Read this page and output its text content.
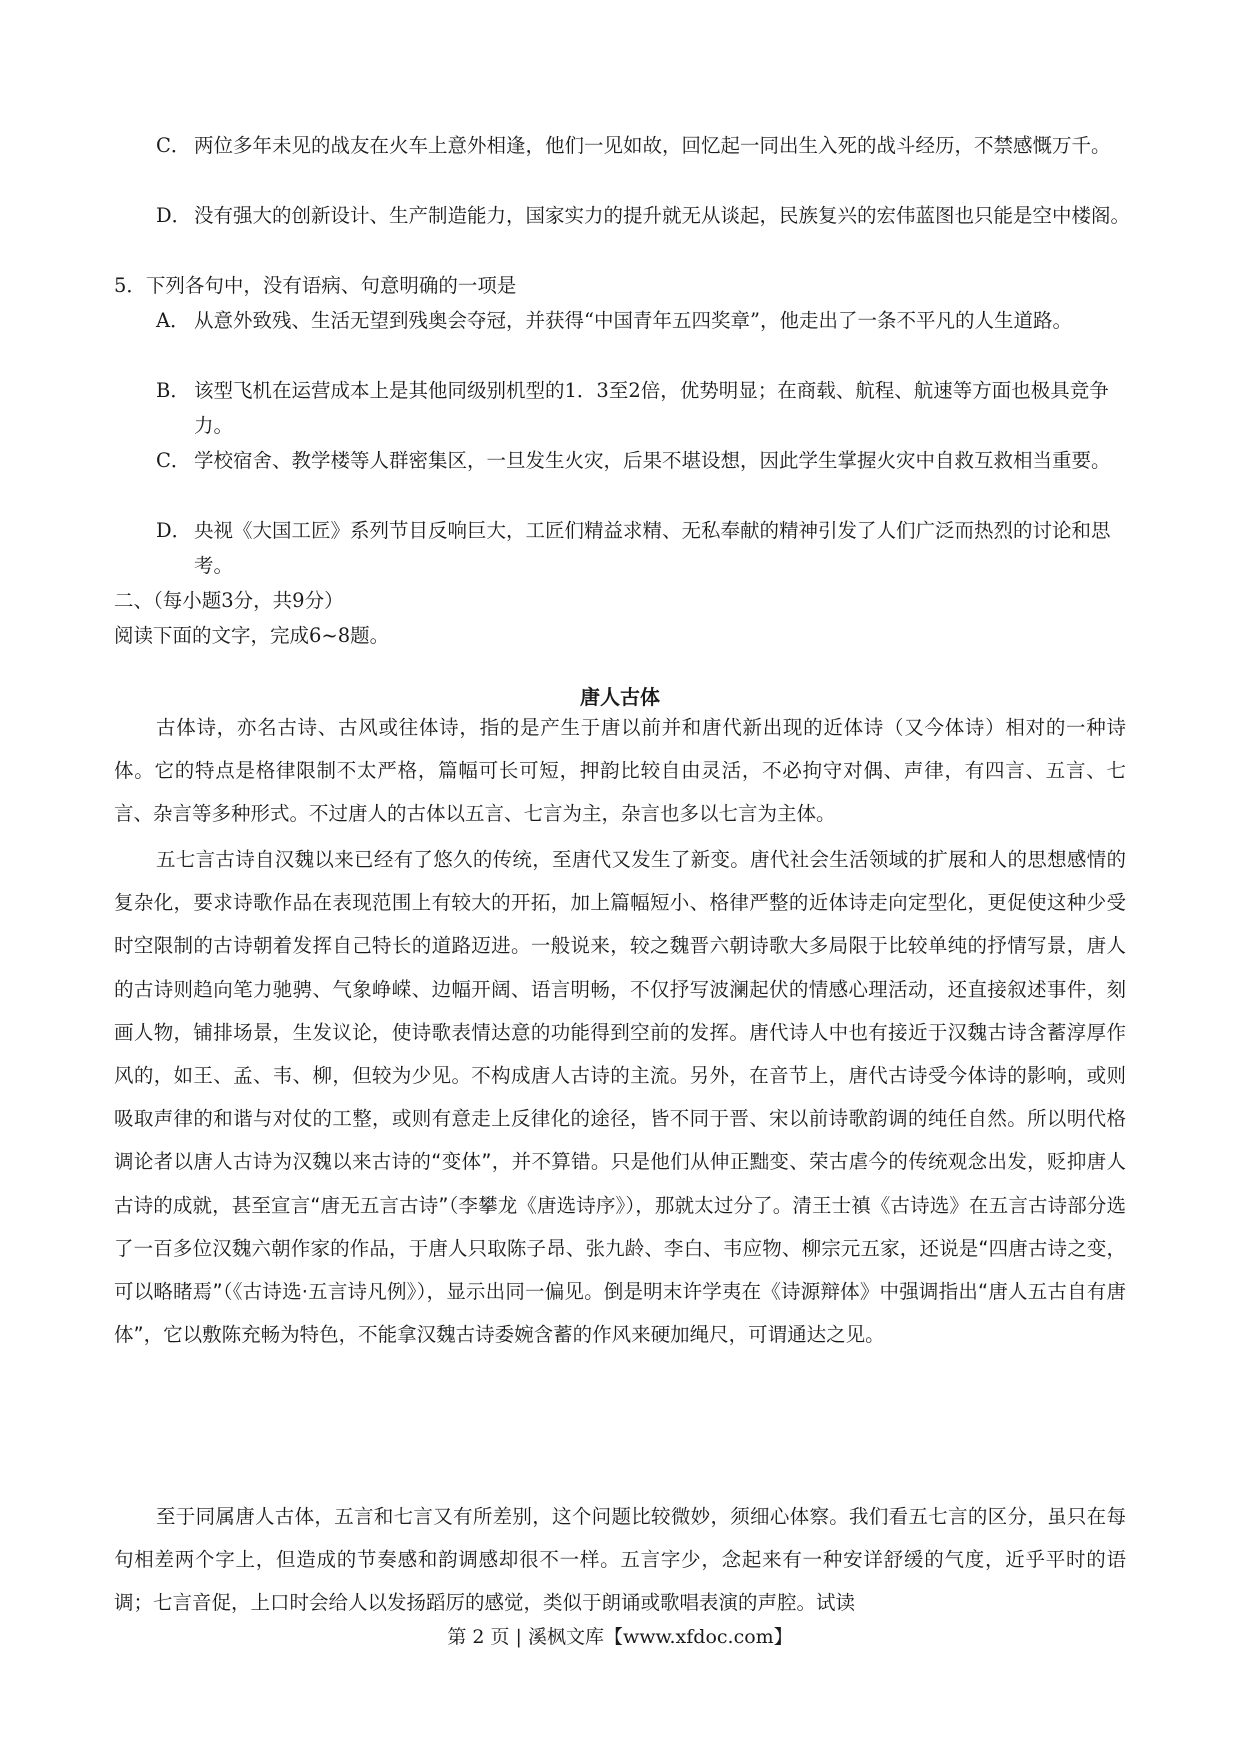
C． 两位多年未见的战友在火车上意外相逢，他们一见如故，回忆起一同出生入死的战斗经历，不禁感慨万千。
D． 没有强大的创新设计、生产制造能力，国家实力的提升就无从谈起，民族复兴的宏伟蓝图也只能是空中楼阁。
5．下列各句中，没有语病、句意明确的一项是
A． 从意外致残、生活无望到残奥会夺冠，并获得“中国青年五四奖章”，他走出了一条不平凡的人生道路。
B． 该型飞机在运营成本上是其他同级别机型的1．3至2倍，优势明显；在商载、航程、航速等方面也极具竞争力。
C． 学校宿舍、教学楼等人群密集区，一旦发生火灾，后果不堪设想，因此学生掌握火灾中自救互救相当重要。
D． 央视《大国工匠》系列节目反响巨大，工匠们精益求精、无私奉献的精神引发了人们广泛而热烈的讨论和思考。
二、（每小题3分，共9分）
阅读下面的文字，完成6~8题。
唐人古体
古体诗，亦名古诗、古风或往体诗，指的是产生于唐以前并和唐代新出现的近体诗（又今体诗）相对的一种诗体。它的特点是格律限制不太严格，篇幅可长可短，押韵比较自由灵活，不必拘守对偶、声律，有四言、五言、七言、杂言等多种形式。不过唐人的古体以五言、七言为主，杂言也多以七言为主体。
五七言古诗自汉魏以来已经有了悠久的传统，至唐代又发生了新变。唐代社会生活领域的扩展和人的思想感情的复杂化，要求诗歌作品在表现范围上有较大的开拓，加上篇幅短小、格律严整的近体诗走向定型化，更促使这种少受时空限制的古诗朝着发挥自己特长的道路迈进。一般说来，较之魏晋六朝诗歌大多局限于比较单纯的抒情写景，唐人的古诗则趋向笔力驰骋、气象峥嵘、边幅开阔、语言明畅，不仅抒写波澜起伏的情感心理活动，还直接叙述事件，刻画人物，铺排场景，生发议论，使诗歌表情达意的功能得到空前的发挥。唐代诗人中也有接近于汉魏古诗含蓄淳厚作风的，如王、孟、韦、柳，但较为少见。不构成唐人古诗的主流。另外，在音节上，唐代古诗受今体诗的影响，或则吸取声律的和谐与对仗的工整，或则有意走上反律化的途径，皆不同于晋、宋以前诗歌韵调的纯任自然。所以明代格调论者以唐人古诗为汉魏以来古诗的“变体”，并不算错。只是他们从伸正黜变、荣古虐今的传统观念出发，贬抑唐人古诗的成就，甚至宣言“唐无五言古诗”（李攀龙《唐选诗序》），那就太过分了。清王士禛《古诗选》在五言古诗部分选了一百多位汉魏六朝作家的作品，于唐人只取陈子昂、张九龄、李白、韦应物、柳宗元五家，还说是“四唐古诗之变，可以略睹焉”（《古诗选·五言诗凡例》），显示出同一偏见。倒是明末许学夷在《诗源辩体》中强调指出“唐人五古自有唐体”，它以敷陈充畅为特色，不能拿汉魏古诗委婉含蓄的作风来硬加绳尺，可谓通达之见。
至于同属唐人古体，五言和七言又有所差别，这个问题比较微妙，须细心体察。我们看五七言的区分，虽只在每句相差两个字上，但造成的节奏感和韵调感却很不一样。五言字少，念起来有一种安详舒缓的气度，近乎平时的语调；七言音促，上口时会给人以发扬蹈厉的感觉，类似于朗诵或歌唱表演的声腔。试读
第 2 页 | 溪枫文库【www.xfdoc.com】
